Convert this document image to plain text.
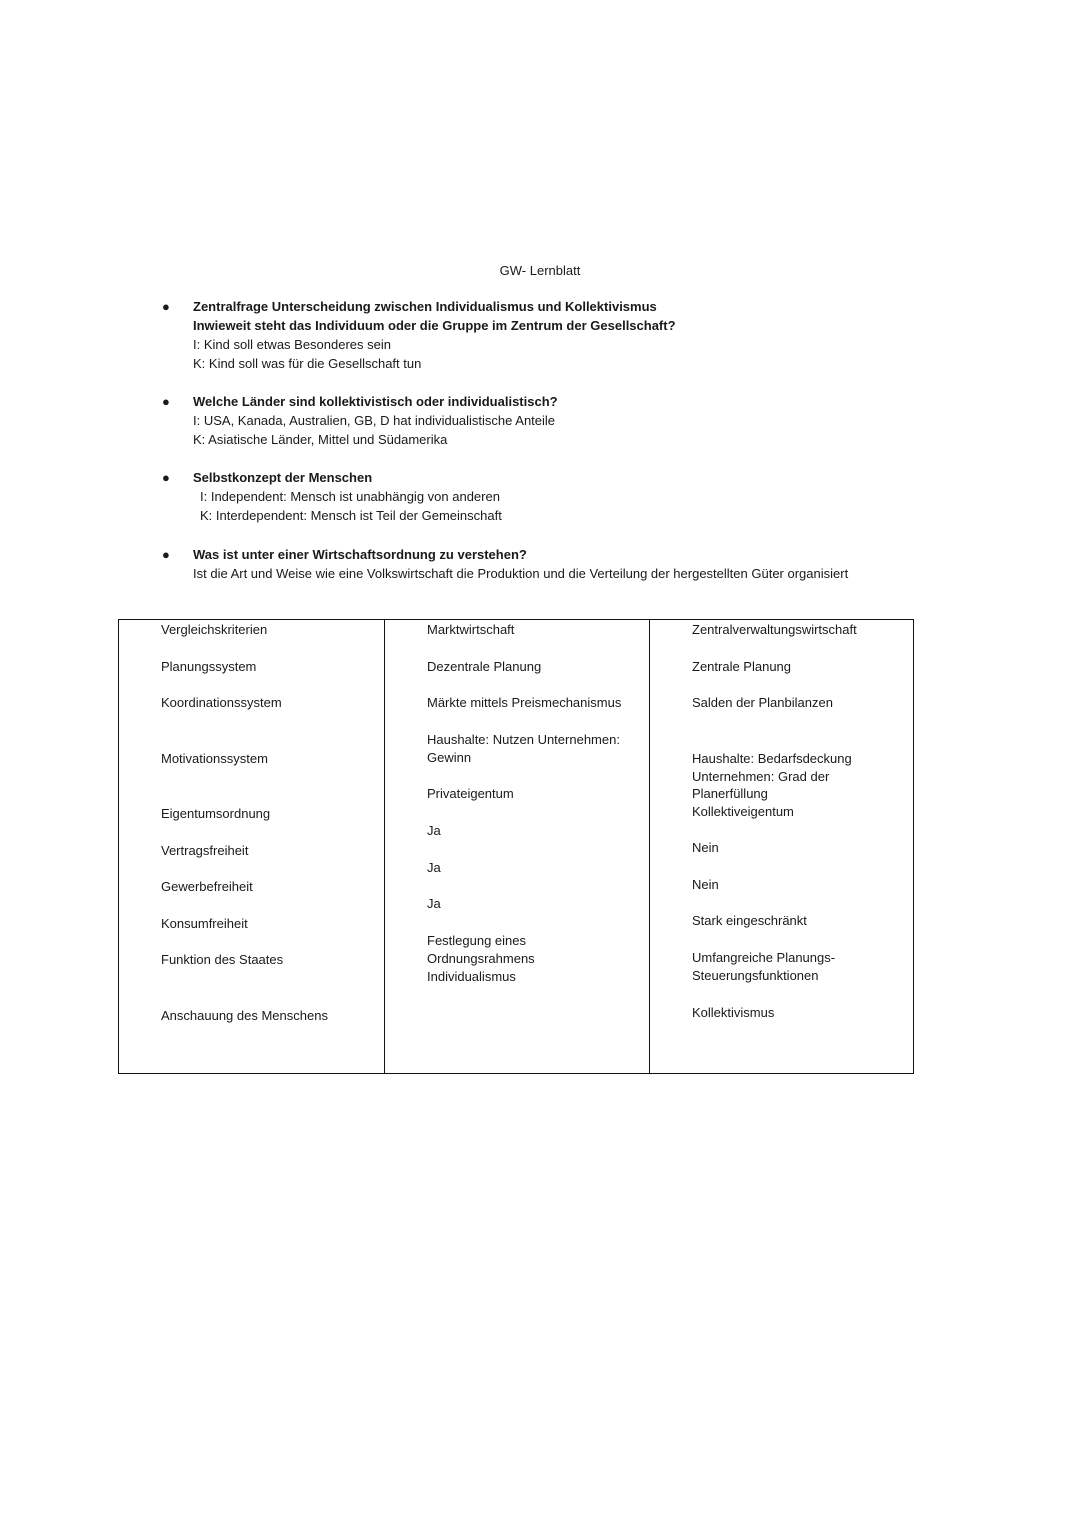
GW- Lernblatt
● Zentralfrage Unterscheidung zwischen Individualismus und Kollektivismus
Inwieweit steht das Individuum oder die Gruppe im Zentrum der Gesellschaft?
I: Kind soll etwas Besonderes sein
K: Kind soll was für die Gesellschaft tun
● Welche Länder sind kollektivistisch oder individualistisch?
I: USA, Kanada, Australien, GB, D hat individualistische Anteile
K: Asiatische Länder, Mittel und Südamerika
● Selbstkonzept der Menschen
I: Independent: Mensch ist unabhängig von anderen
K: Interdependent: Mensch ist Teil der Gemeinschaft
● Was ist unter einer Wirtschaftsordnung zu verstehen?
Ist die Art und Weise wie eine Volkswirtschaft die Produktion und die Verteilung der hergestellten Güter organisiert
Vergleichskriterien
Planungssystem
Koordinationssystem
Motivationssystem
Eigentumsordnung
Vertragsfreiheit
Gewerbefreiheit
Konsumfreiheit
Funktion des Staates
Anschauung des Menschens
Marktwirtschaft
Dezentrale Planung
Märkte mittels Preismechanismus
Haushalte: Nutzen Unternehmen:
Gewinn
Privateigentum
Ja
Ja
Ja
Festlegung eines Ordnungsrahmens
Individualismus
Zentralverwaltungswirtschaft
Zentrale Planung
Salden der Planbilanzen
Haushalte: Bedarfsdeckung
Unternehmen: Grad der
Planerfüllung
Kollektiveigentum
Nein
Nein
Stark eingeschränkt
Umfangreiche Planungs-
Steuerungsfunktionen
Kollektivismus
